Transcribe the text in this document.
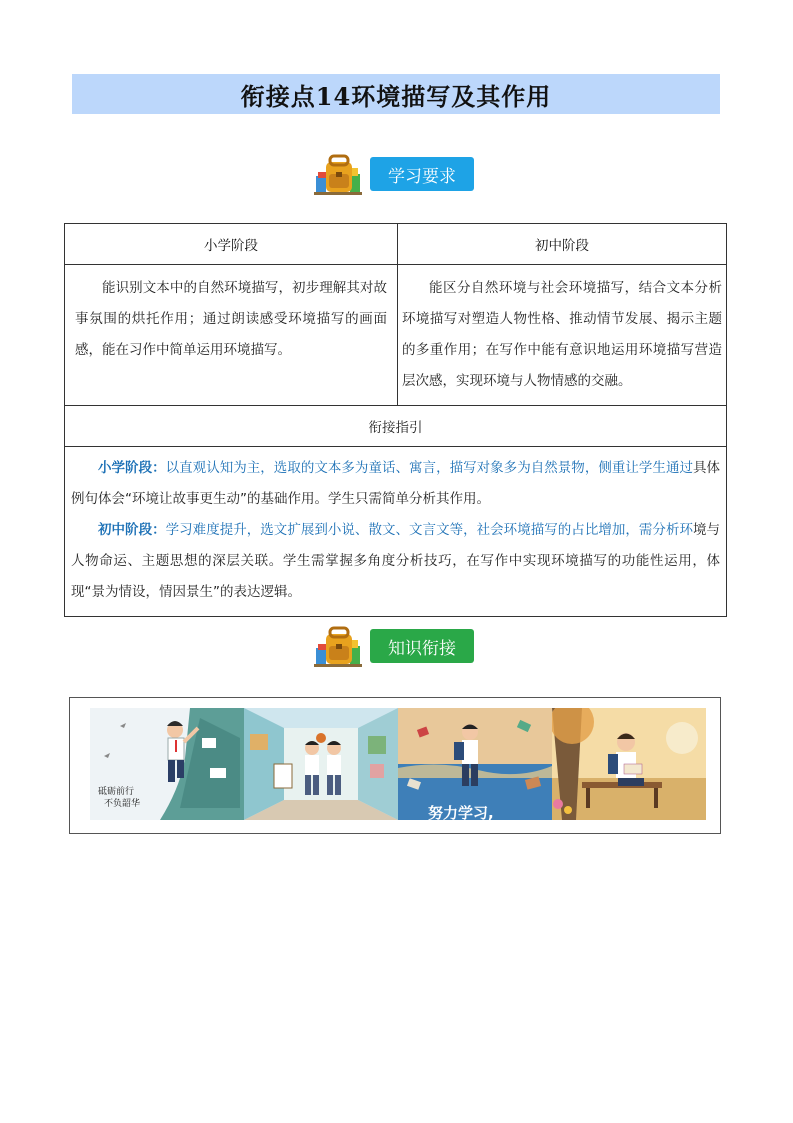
衔接点14环境描写及其作用
学习要求
小学阶段	初中阶段
能识别文本中的自然环境描写，初步理解其对故事氛围的烘托作用；通过朗读感受环境描写的画面感，能在习作中简单运用环境描写。	能区分自然环境与社会环境描写，结合文本分析环境描写对塑造人物性格、推动情节发展、揭示主题的多重作用；在写作中能有意识地运用环境描写营造层次感，实现环境与人物情感的交融。
衔接指引	

小学阶段：以直观认知为主，选取的文本多为童话、寓言，描写对象多为自然景物，侧重让学生通过具体例句体会“环境让故事更生动”的基础作用。学生只需简单分析其作用。

初中阶段：学习难度提升，选文扩展到小说、散文、文言文等，社会环境描写的占比增加，需分析环境与人物命运、主题思想的深层关联。学生需掌握多角度分析技巧，在写作中实现环境描写的功能性运用，体现“景为情设，情因景生”的表达逻辑。	

知识衔接
砥砺前行
不负韶华	努力学习,
